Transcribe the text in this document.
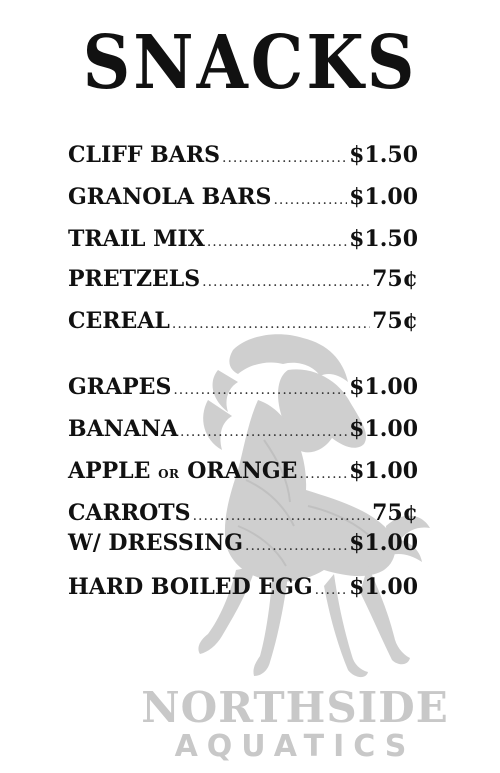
NORTHSIDE
AQUATICS
SNACKS
CLIFF BARS .....	$1.50
GRANOLA BARS .....	$1.00
TRAIL MIX .....	$1.50
PRETZELS .....	75¢
CEREAL .....	75¢
GRAPES .....	$1.00
BANANA .....	$1.00
APPLE OR ORANGE ..... $1.00
CARROTS .....	75¢
W/ DRESSING .....	$1.00
HARD BOILED EGG ..... $1.00
